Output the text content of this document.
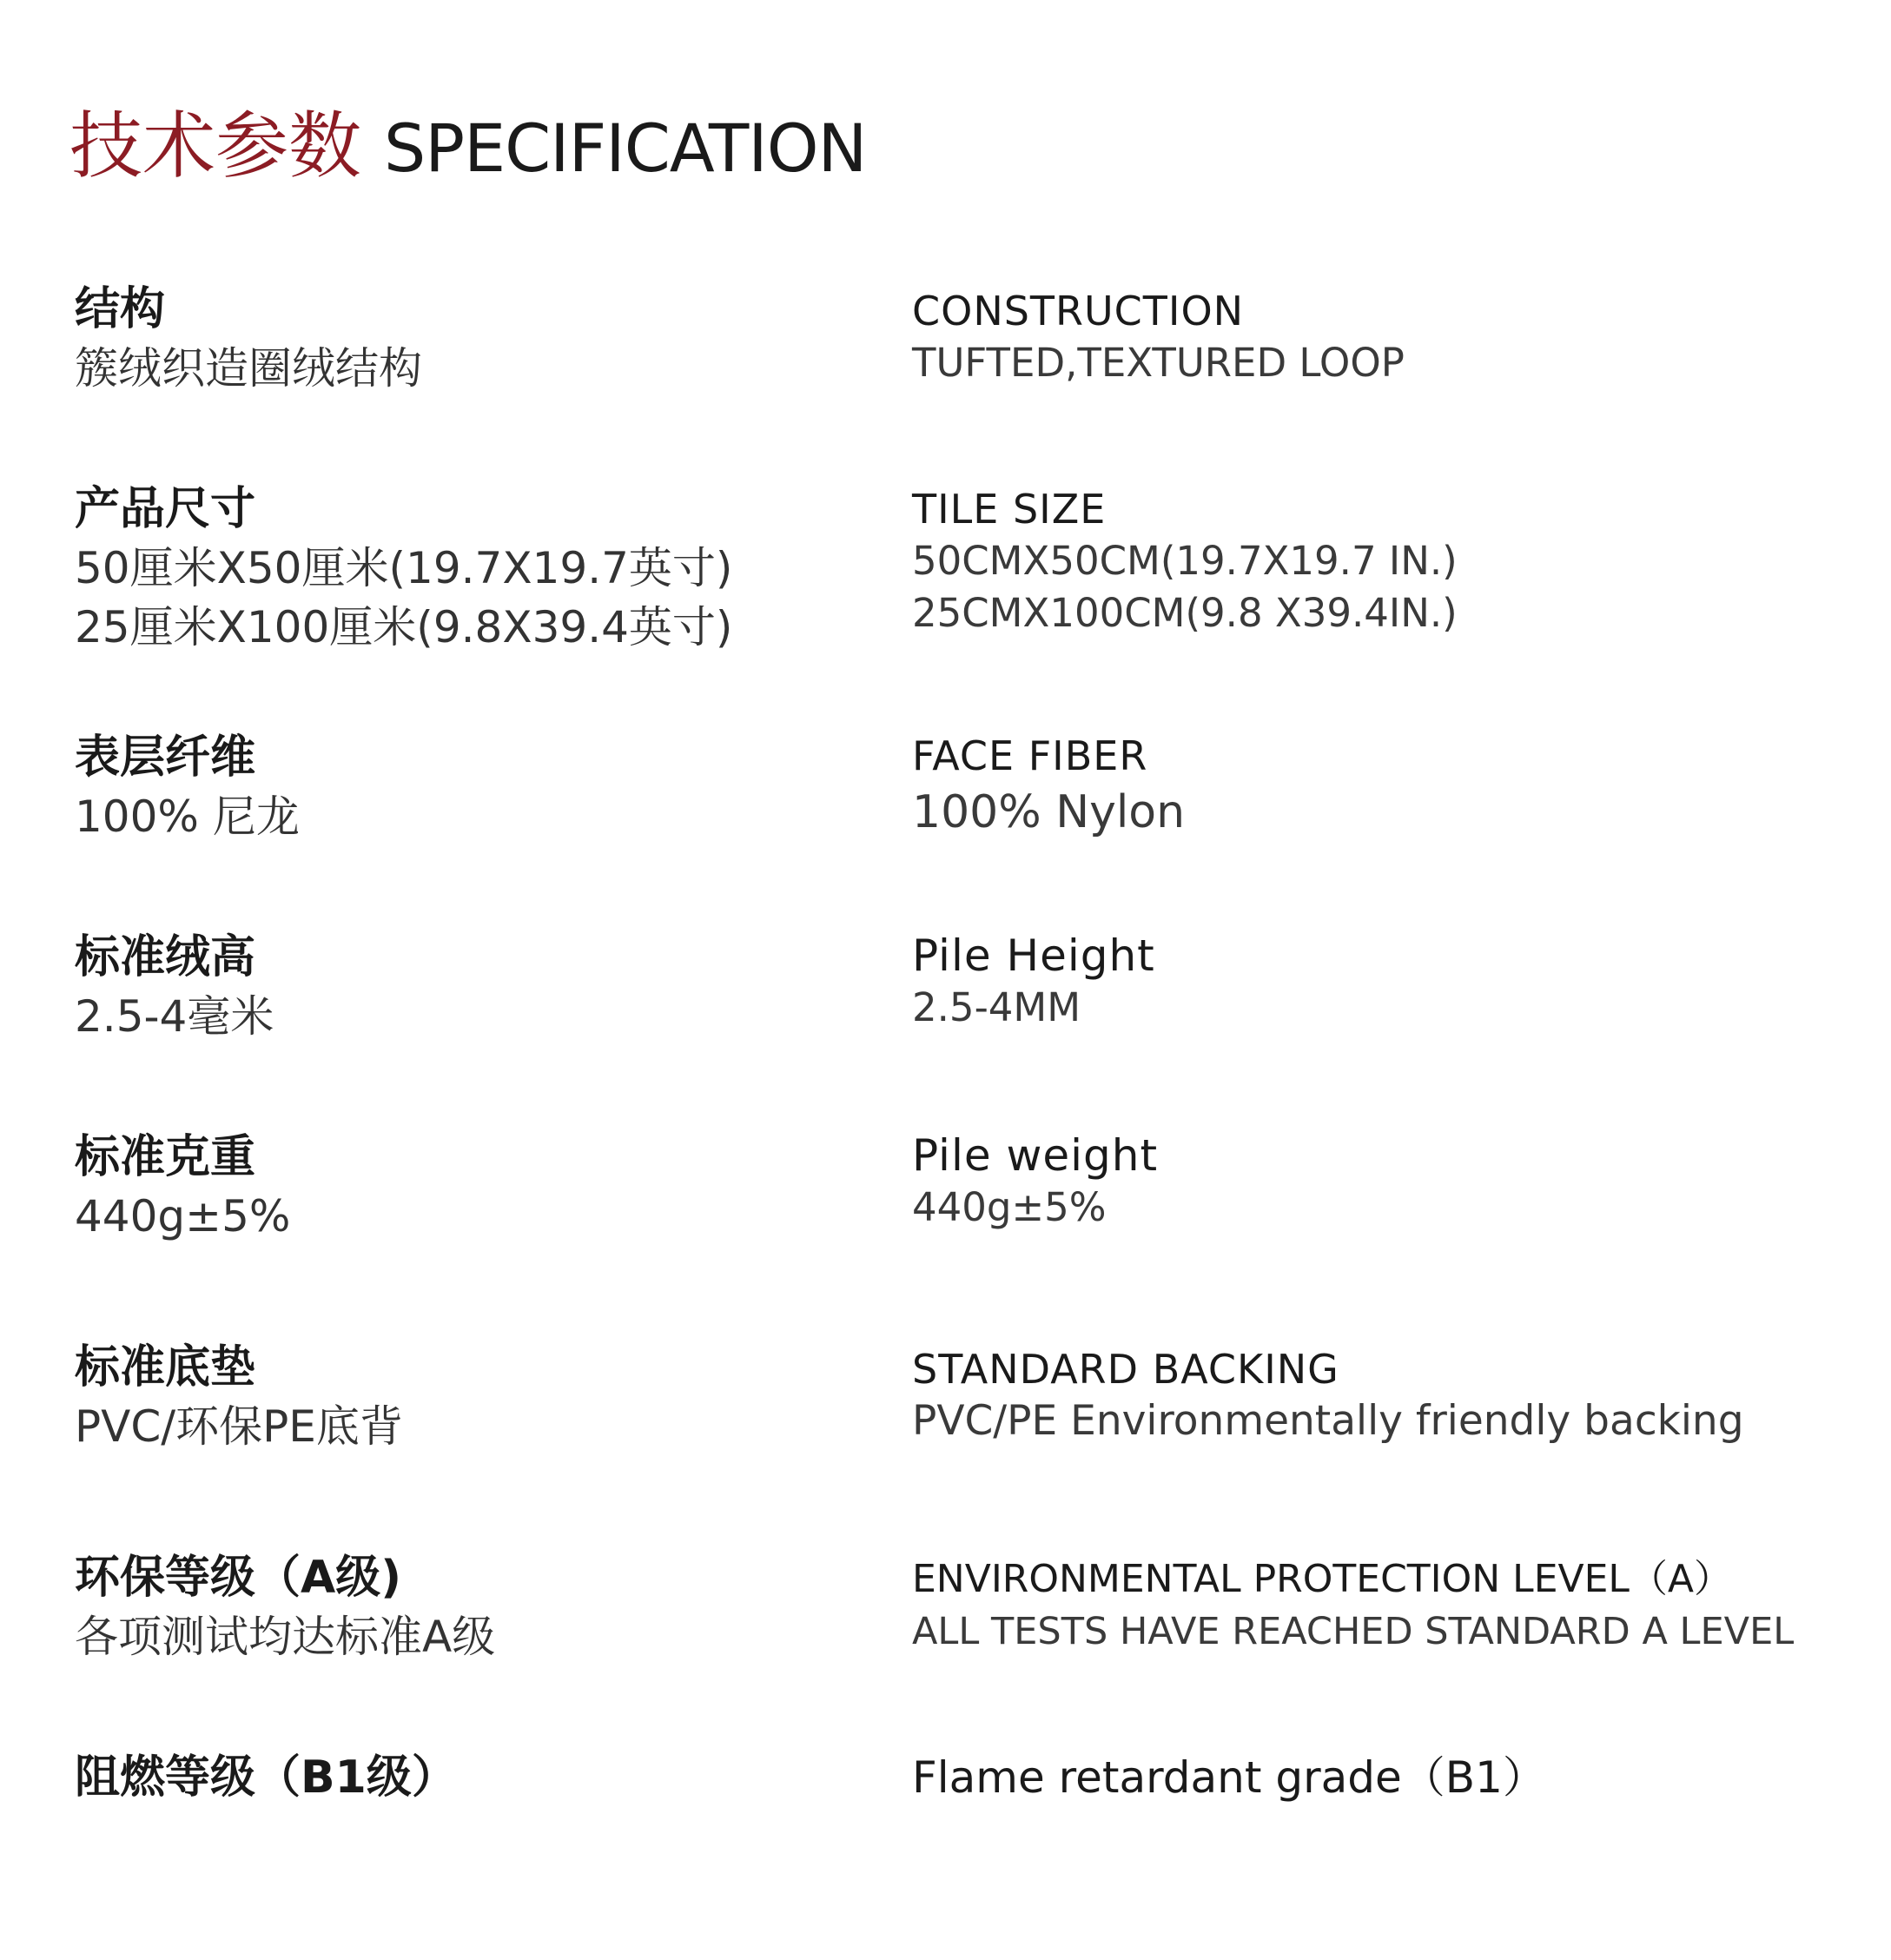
技术参数 SPECIFICATION
结构
簇绒织造圈绒结构
CONSTRUCTION
TUFTED,TEXTURED LOOP
产品尺寸
50厘米X50厘米(19.7X19.7英寸)
25厘米X100厘米(9.8X39.4英寸)
TILE SIZE
50CMX50CM(19.7X19.7 IN.)
25CMX100CM(9.8 X39.4IN.)
表层纤维
100% 尼龙
FACE FIBER
100% Nylon
标准绒高
2.5-4毫米
Pile Height
2.5-4MM
标准克重
440g±5%
Pile weight
440g±5%
标准底垫
PVC/环保PE底背
STANDARD BACKING
PVC/PE Environmentally friendly backing
环保等级（A级)
各项测试均达标准A级
ENVIRONMENTAL PROTECTION LEVEL（A）
ALL TESTS HAVE REACHED STANDARD A LEVEL
阻燃等级（B1级）	Flame retardant grade（B1）
